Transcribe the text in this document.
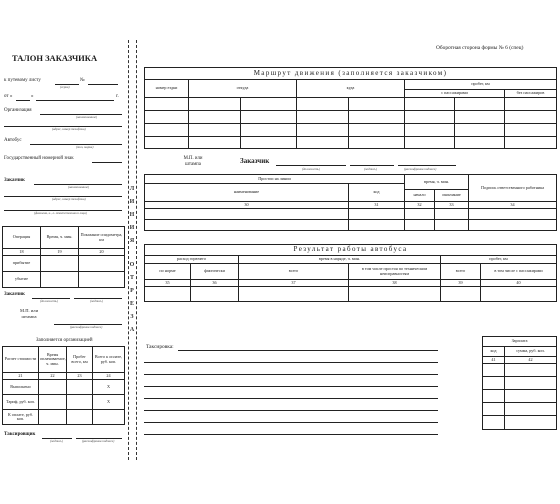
ТАЛОН ЗАКАЗЧИКА
к путевому листу
(серия)
№
от «	»	г.
Организация
(наименование)
(адрес, номер телефона)
Автобус
(тип, марка)
Государственный номерной знак
Заказчик
(наименование)
(адрес, номер телефона)
(фамилия, и., о. ответственного лица)
Операция	Время, ч. мин.	Показание спидометра, км
18	19	20
прибытие		
убытие		
Заказчик
(должность)	(подпись)
М.П. или штампа
(расшифровка подписи)
Заполняется организацией
Расчет стоимости	Время оплачиваемое, ч. мин.	Пробег всего, км	Всего к оплате, руб. коп.
21	22	23	24
Выполнено			X
Тариф, руб. коп.			X
К оплате, руб. коп.			
Таксировщик
(подпись)	(расшифровка подписи)
Л
И
Н
И
Я
О
Т
Р
Е
З
А
Оборотная сторона формы № 6 (спец)
Маршрут движения (заполняется заказчиком)							
номер ездки	откуда		куда		пробег, км		
					с пассажирами		без пассажиров

М.П. или штампа	Заказчик
(должность)	(подпись)	(расшифровка подписи)
Простои на линии		время, ч. мин.		Подпись ответственного работника
наименование	код			
		начало	окончание	
30	31	32	33	34

Результат работы автобуса					
расход горючего		время в наряде, ч. мин.		пробег, км	
по норме	фактически	всего	в том числе простоя по техническим неисправностям	всего	в том числе с пассажирами
35	36	37	38	39	40

Таксировка:
Зарплата	
код	сумма, руб. коп.
41	42
